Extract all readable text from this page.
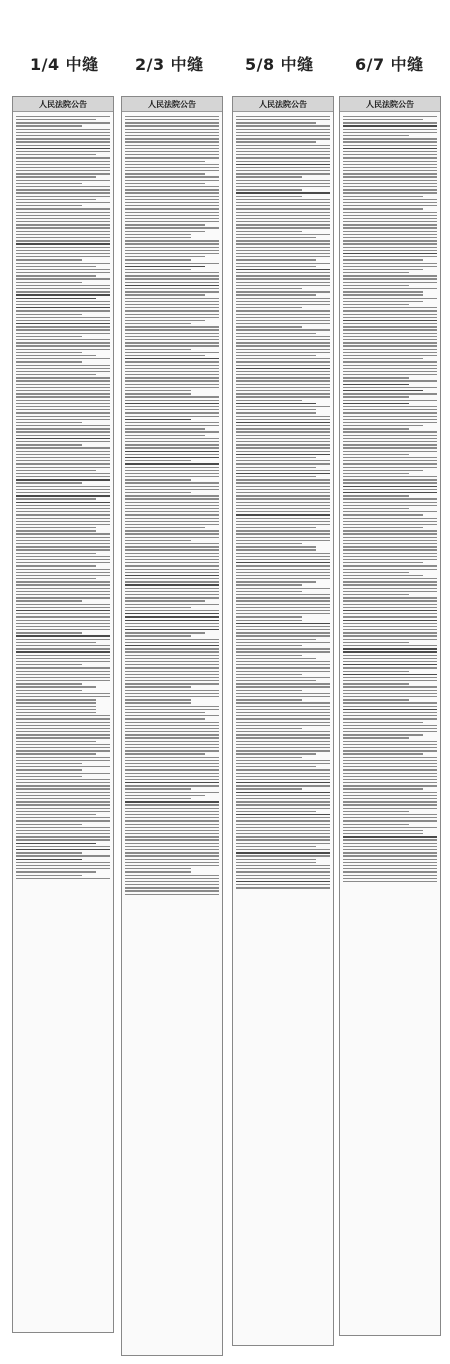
1/4 中缝 2/3 中缝	5/8 中缝	6/7 中缝
人民法院公告	人民法院公告	人民法院公告	人民法院公告
